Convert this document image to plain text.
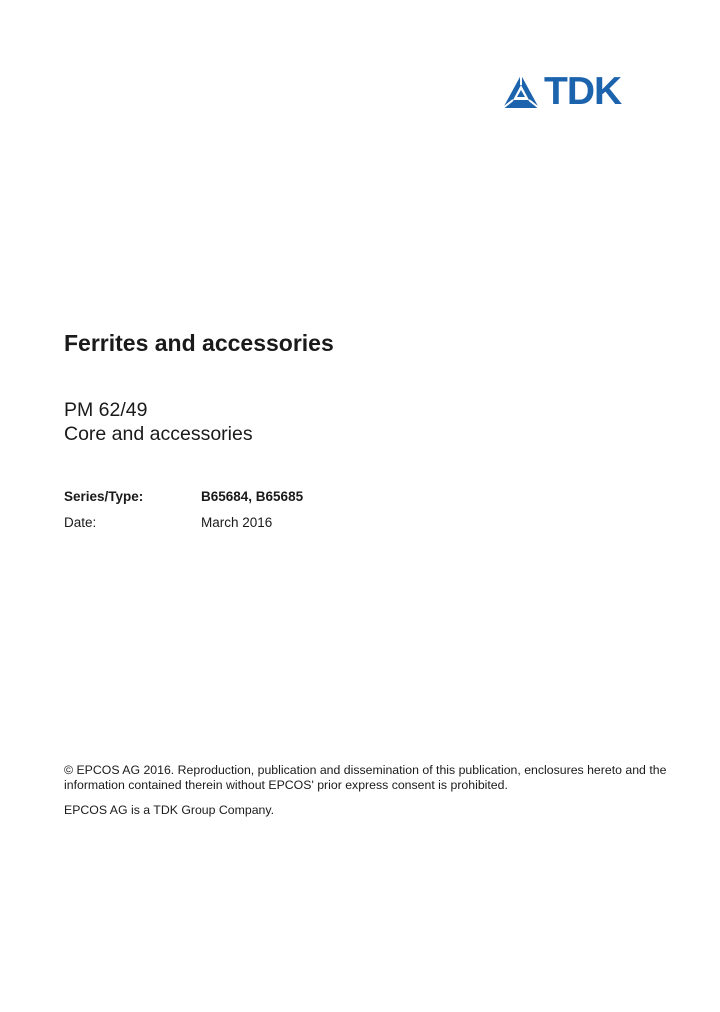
TDK
Ferrites and accessories
PM 62/49
Core and accessories
Series/Type:	B65684, B65685
Date:	March 2016
© EPCOS AG 2016. Reproduction, publication and dissemination of this publication, enclosures hereto and the
information contained therein without EPCOS' prior express consent is prohibited.
EPCOS AG is a TDK Group Company.
